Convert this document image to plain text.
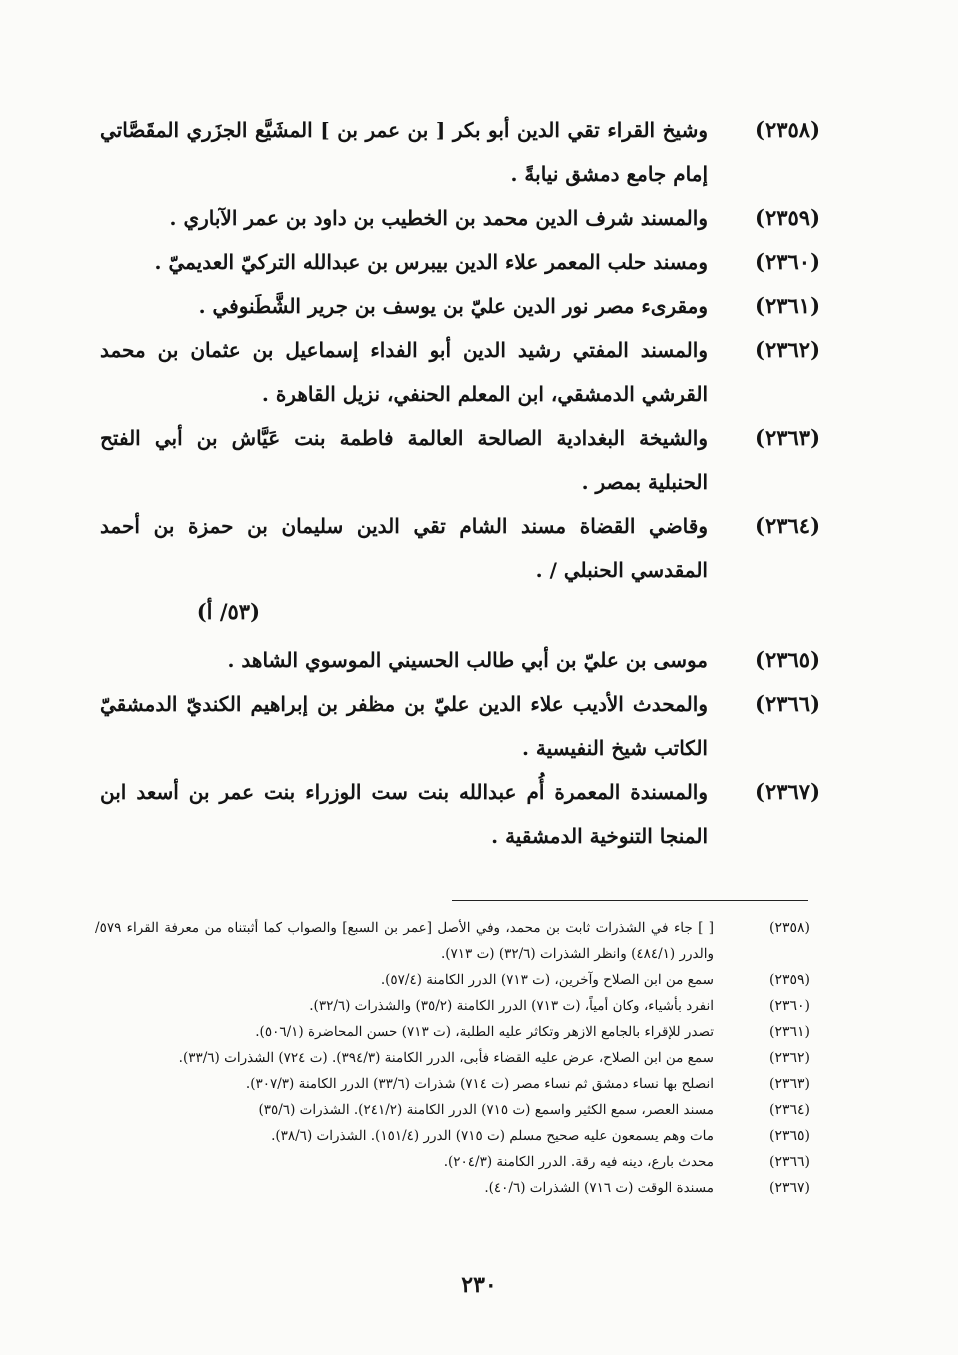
(٢٣٥٨)
وشيخ القراء تقي الدين أبو بكر [ بن عمر بن ] المشَيَّع الجزَري المقَصَّاتي إمام جامع دمشق نيابةً .
(٢٣٥٩)
والمسند شرف الدين محمد بن الخطيب بن داود بن عمر الآباري .
(٢٣٦٠)
ومسند حلب المعمر علاء الدين بيبرس بن عبدالله التركيّ العديميّ .
(٢٣٦١)
ومقرىء مصر نور الدين عليّ بن يوسف بن جرير الشَّطَنوفي .
(٢٣٦٢)
والمسند المفتي رشيد الدين أبو الفداء إسماعيل بن عثمان بن محمد القرشي الدمشقي، ابن المعلم الحنفي، نزيل القاهرة .
(٢٣٦٣)
والشيخة البغدادية الصالحة العالمة فاطمة بنت عَيَّاش بن أبي الفتح الحنبلية بمصر .
(٢٣٦٤)
وقاضي القضاة مسند الشام تقي الدين سليمان بن حمزة بن أحمد المقدسي الحنبلي / .
(٥٣/ أ)
(٢٣٦٥)
موسى بن عليّ بن أبي طالب الحسيني الموسوي الشاهد .
(٢٣٦٦)
والمحدث الأديب علاء الدين عليّ بن مظفر بن إبراهيم الكنديّ الدمشقيّ الكاتب شيخ النفيسية .
(٢٣٦٧)
والمسندة المعمرة أُم عبدالله بنت ست الوزراء بنت عمر بن أسعد ابن المنجا التنوخية الدمشقية .
(٢٣٥٨)
[ ] جاء في الشذرات ثابت بن محمد، وفي الأصل [عمر بن السبع] والصواب كما أثبتناه من معرفة القراء ٥٧٩/ والدرر (٤٨٤/١) وانظر الشذرات (٣٢/٦) (ت ٧١٣).
(٢٣٥٩)
سمع من ابن الصلاح وآخرين، (ت ٧١٣) الدرر الكامنة (٥٧/٤).
(٢٣٦٠)
انفرد بأشياء، وكان أمياً، (ت ٧١٣) الدرر الكامنة (٣٥/٢) والشذرات (٣٢/٦).
(٢٣٦١)
تصدر للإقراء بالجامع الازهر وتكاثر عليه الطلبة، (ت ٧١٣) حسن المحاضرة (٥٠٦/١).
(٢٣٦٢)
سمع من ابن الصلاح، عرض عليه القضاء فأبى، الدرر الكامنة (٣٩٤/٣). (ت ٧٢٤) الشذرات (٣٣/٦).
(٢٣٦٣)
انصلح بها نساء دمشق ثم نساء مصر (ت ٧١٤) شذرات (٣٣/٦) الدرر الكامنة (٣٠٧/٣).
(٢٣٦٤)
مسند العصر، سمع الكثير واسمع (ت ٧١٥) الدرر الكامنة (٢٤١/٢). الشذرات (٣٥/٦)
(٢٣٦٥)
مات وهم يسمعون عليه صحيح مسلم (ت ٧١٥) الدرر (١٥١/٤). الشذرات (٣٨/٦).
(٢٣٦٦)
محدث بارع، دينه فيه رقة. الدرر الكامنة (٢٠٤/٣).
(٢٣٦٧)
مسندة الوقت (ت ٧١٦) الشذرات (٤٠/٦).
٢٣٠
